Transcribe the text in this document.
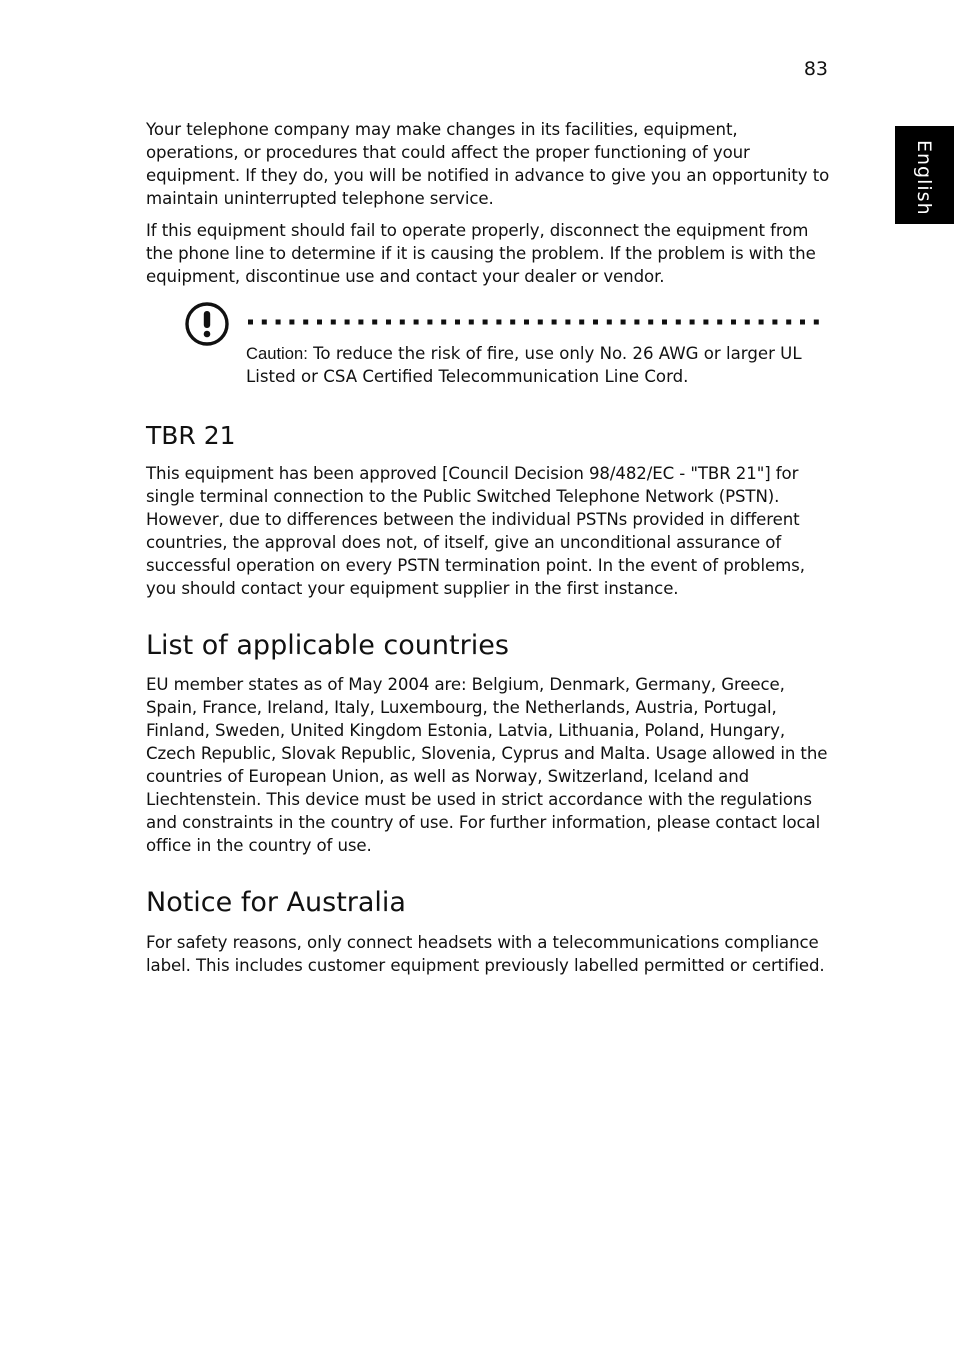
83
English

Your telephone company may make changes in its facilities, equipment, operations, or procedures that could affect the proper functioning of your equipment. If they do, you will be notified in advance to give you an opportunity to maintain uninterrupted telephone service.

If this equipment should fail to operate properly, disconnect the equipment from the phone line to determine if it is causing the problem. If the problem is with the equipment, discontinue use and contact your dealer or vendor.

Caution: To reduce the risk of fire, use only No. 26 AWG or larger UL Listed or CSA Certified Telecommunication Line Cord.

TBR 21

This equipment has been approved [Council Decision 98/482/EC - "TBR 21"] for single terminal connection to the Public Switched Telephone Network (PSTN). However, due to differences between the individual PSTNs provided in different countries, the approval does not, of itself, give an unconditional assurance of successful operation on every PSTN termination point. In the event of problems, you should contact your equipment supplier in the first instance.

List of applicable countries

EU member states as of May 2004 are: Belgium, Denmark, Germany, Greece, Spain, France, Ireland, Italy, Luxembourg, the Netherlands, Austria, Portugal, Finland, Sweden, United Kingdom Estonia, Latvia, Lithuania, Poland, Hungary, Czech Republic, Slovak Republic, Slovenia, Cyprus and Malta. Usage allowed in the countries of European Union, as well as Norway, Switzerland, Iceland and Liechtenstein. This device must be used in strict accordance with the regulations and constraints in the country of use. For further information, please contact local office in the country of use.

Notice for Australia

For safety reasons, only connect headsets with a telecommunications compliance label. This includes customer equipment previously labelled permitted or certified.
